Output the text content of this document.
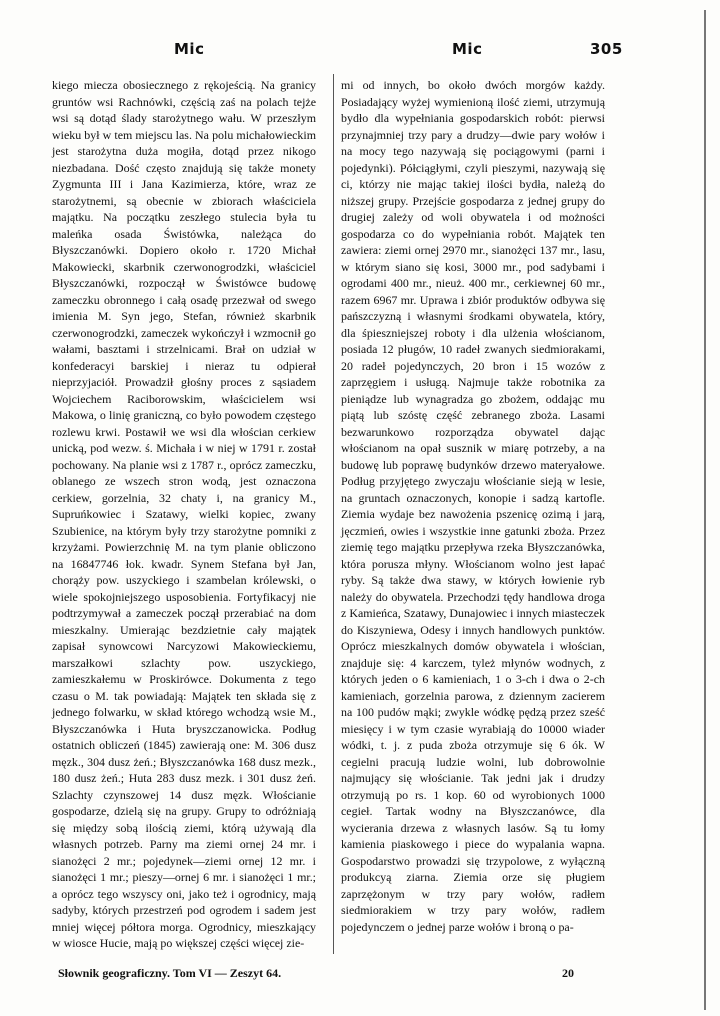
Mic	Mic	305
kiego miecza obosiecznego z rękojeścią. Na granicy gruntów wsi Rachnówki, częścią zaś na polach tejże wsi są dotąd ślady starożytnego wału. W przeszłym wieku był w tem miejscu las. Na polu michałowieckim jest starożytna duża mogiła, dotąd przez nikogo niezbadana. Dość często znajdują się także monety Zygmunta III i Jana Kazimierza, które, wraz ze starożytnemi, są obecnie w zbiorach właściciela majątku. Na początku zeszłego stulecia była tu maleńka osada Świstówka, należąca do Błyszczanówki. Dopiero około r. 1720 Michał Makowiecki, skarbnik czerwonogrodzki, właściciel Błyszczanówki, rozpoczął w Świstówce budowę zameczku obronnego i całą osadę przezwał od swego imienia M. Syn jego, Stefan, również skarbnik czerwonogrodzki, zameczek wykończył i wzmocnił go wałami, basztami i strzelnicami. Brał on udział w konfederacyi barskiej i nieraz tu odpierał nieprzyjaciół. Prowadził głośny proces z sąsiadem Wojciechem Raciborowskim, właścicielem wsi Makowa, o linię graniczną, co było powodem częstego rozlewu krwi. Postawił we wsi dla włościan cerkiew unicką, pod wezw. ś. Michała i w niej w 1791 r. został pochowany. Na planie wsi z 1787 r., oprócz zameczku, oblanego ze wszech stron wodą, jest oznaczona cerkiew, gorzelnia, 32 chaty i, na granicy M., Supruńkowiec i Szatawy, wielki kopiec, zwany Szubienice, na którym były trzy starożytne pomniki z krzyżami. Powierzchnię M. na tym planie obliczono na 16847746 łok. kwadr. Synem Stefana był Jan, chorąży pow. uszyckiego i szambelan królewski, o wiele spokojniejszego usposobienia. Fortyfikacyj nie podtrzymywał a zameczek począł przerabiać na dom mieszkalny. Umierając bezdzietnie cały majątek zapisał synowcowi Narcyzowi Makowieckiemu, marszałkowi szlachty pow. uszyckiego, zamieszkałemu w Proskirówce. Dokumenta z tego czasu o M. tak powiadają: Majątek ten składa się z jednego folwarku, w skład którego wchodzą wsie M., Błyszczanówka i Huta bryszczanowicka. Podług ostatnich obliczeń (1845) zawierają one: M. 306 dusz męzk., 304 dusz żeń.; Błyszczanówka 168 dusz mezk., 180 dusz żeń.; Huta 283 dusz mezk. i 301 dusz żeń. Szlachty czynszowej 14 dusz męzk. Włościanie gospodarze, dzielą się na grupy. Grupy to odróżniają się między sobą ilością ziemi, którą używają dla własnych potrzeb. Parny ma ziemi ornej 24 mr. i sianożęci 2 mr.; pojedynek—ziemi ornej 12 mr. i sianożęci 1 mr.; pieszy—ornej 6 mr. i sianożęci 1 mr.; a oprócz tego wszyscy oni, jako też i ogrodnicy, mają sadyby, których przestrzeń pod ogrodem i sadem jest mniej więcej półtora morga. Ogrodnicy, mieszkający w wiosce Hucie, mają po większej części więcej zie-
mi od innych, bo około dwóch morgów każdy. Posiadający wyżej wymienioną ilość ziemi, utrzymują bydło dla wypełniania gospodarskich robót: pierwsi przynajmniej trzy pary a drudzy—dwie pary wołów i na mocy tego nazywają się pociągowymi (parni i pojedynki). Półciągłymi, czyli pieszymi, nazywają się ci, którzy nie mając takiej ilości bydła, należą do niższej grupy. Przejście gospodarza z jednej grupy do drugiej zależy od woli obywatela i od możności gospodarza co do wypełniania robót. Majątek ten zawiera: ziemi ornej 2970 mr., sianożęci 137 mr., lasu, w którym siano się kosi, 3000 mr., pod sadybami i ogrodami 400 mr., nieuż. 400 mr., cerkiewnej 60 mr., razem 6967 mr. Uprawa i zbiór produktów odbywa się pańszczyzną i własnymi środkami obywatela, który, dla śpieszniejszej roboty i dla ulżenia włościanom, posiada 12 pługów, 10 radeł zwanych siedmiorakami, 20 radeł pojedynczych, 20 bron i 15 wozów z zaprzęgiem i usługą. Najmuje także robotnika za pieniądze lub wynagradza go zbożem, oddając mu piątą lub szóstę część zebranego zboża. Lasami bezwarunkowo rozporządza obywatel dając włościanom na opał susznik w miarę potrzeby, a na budowę lub poprawę budynków drzewo materyałowe. Podług przyjętego zwyczaju włościanie sieją w lesie, na gruntach oznaczonych, konopie i sadzą kartofle. Ziemia wydaje bez nawożenia pszenicę ozimą i jarą, jęczmień, owies i wszystkie inne gatunki zboża. Przez ziemię tego majątku przepływa rzeka Błyszczanówka, która porusza młyny. Włościanom wolno jest łapać ryby. Są także dwa stawy, w których łowienie ryb należy do obywatela. Przechodzi tędy handlowa droga z Kamieńca, Szatawy, Dunajowiec i innych miasteczek do Kiszyniewa, Odesy i innych handlowych punktów. Oprócz mieszkalnych domów obywatela i włościan, znajduje się: 4 karczem, tyleż młynów wodnych, z których jeden o 6 kamieniach, 1 o 3-ch i dwa o 2-ch kamieniach, gorzelnia parowa, z dziennym zacierem na 100 pudów mąki; zwykle wódkę pędzą przez sześć miesięcy i w tym czasie wyrabiają do 10000 wiader wódki, t. j. z puda zboża otrzymuje się 6 ók. W cegielni pracują ludzie wolni, lub dobrowolnie najmujący się włościanie. Tak jedni jak i drudzy otrzymują po rs. 1 kop. 60 od wyrobionych 1000 cegieł. Tartak wodny na Błyszczanówce, dla wycierania drzewa z własnych lasów. Są tu łomy kamienia piaskowego i piece do wypalania wapna. Gospodarstwo prowadzi się trzypolowe, z wyłączną produkcyą ziarna. Ziemia orze się pługiem zaprzężonym w trzy pary wołów, radłem siedmiorakiem w trzy pary wołów, radłem pojedynczem o jednej parze wołów i broną o pa-
Słownik geograficzny. Tom VI — Zeszyt 64.	20
